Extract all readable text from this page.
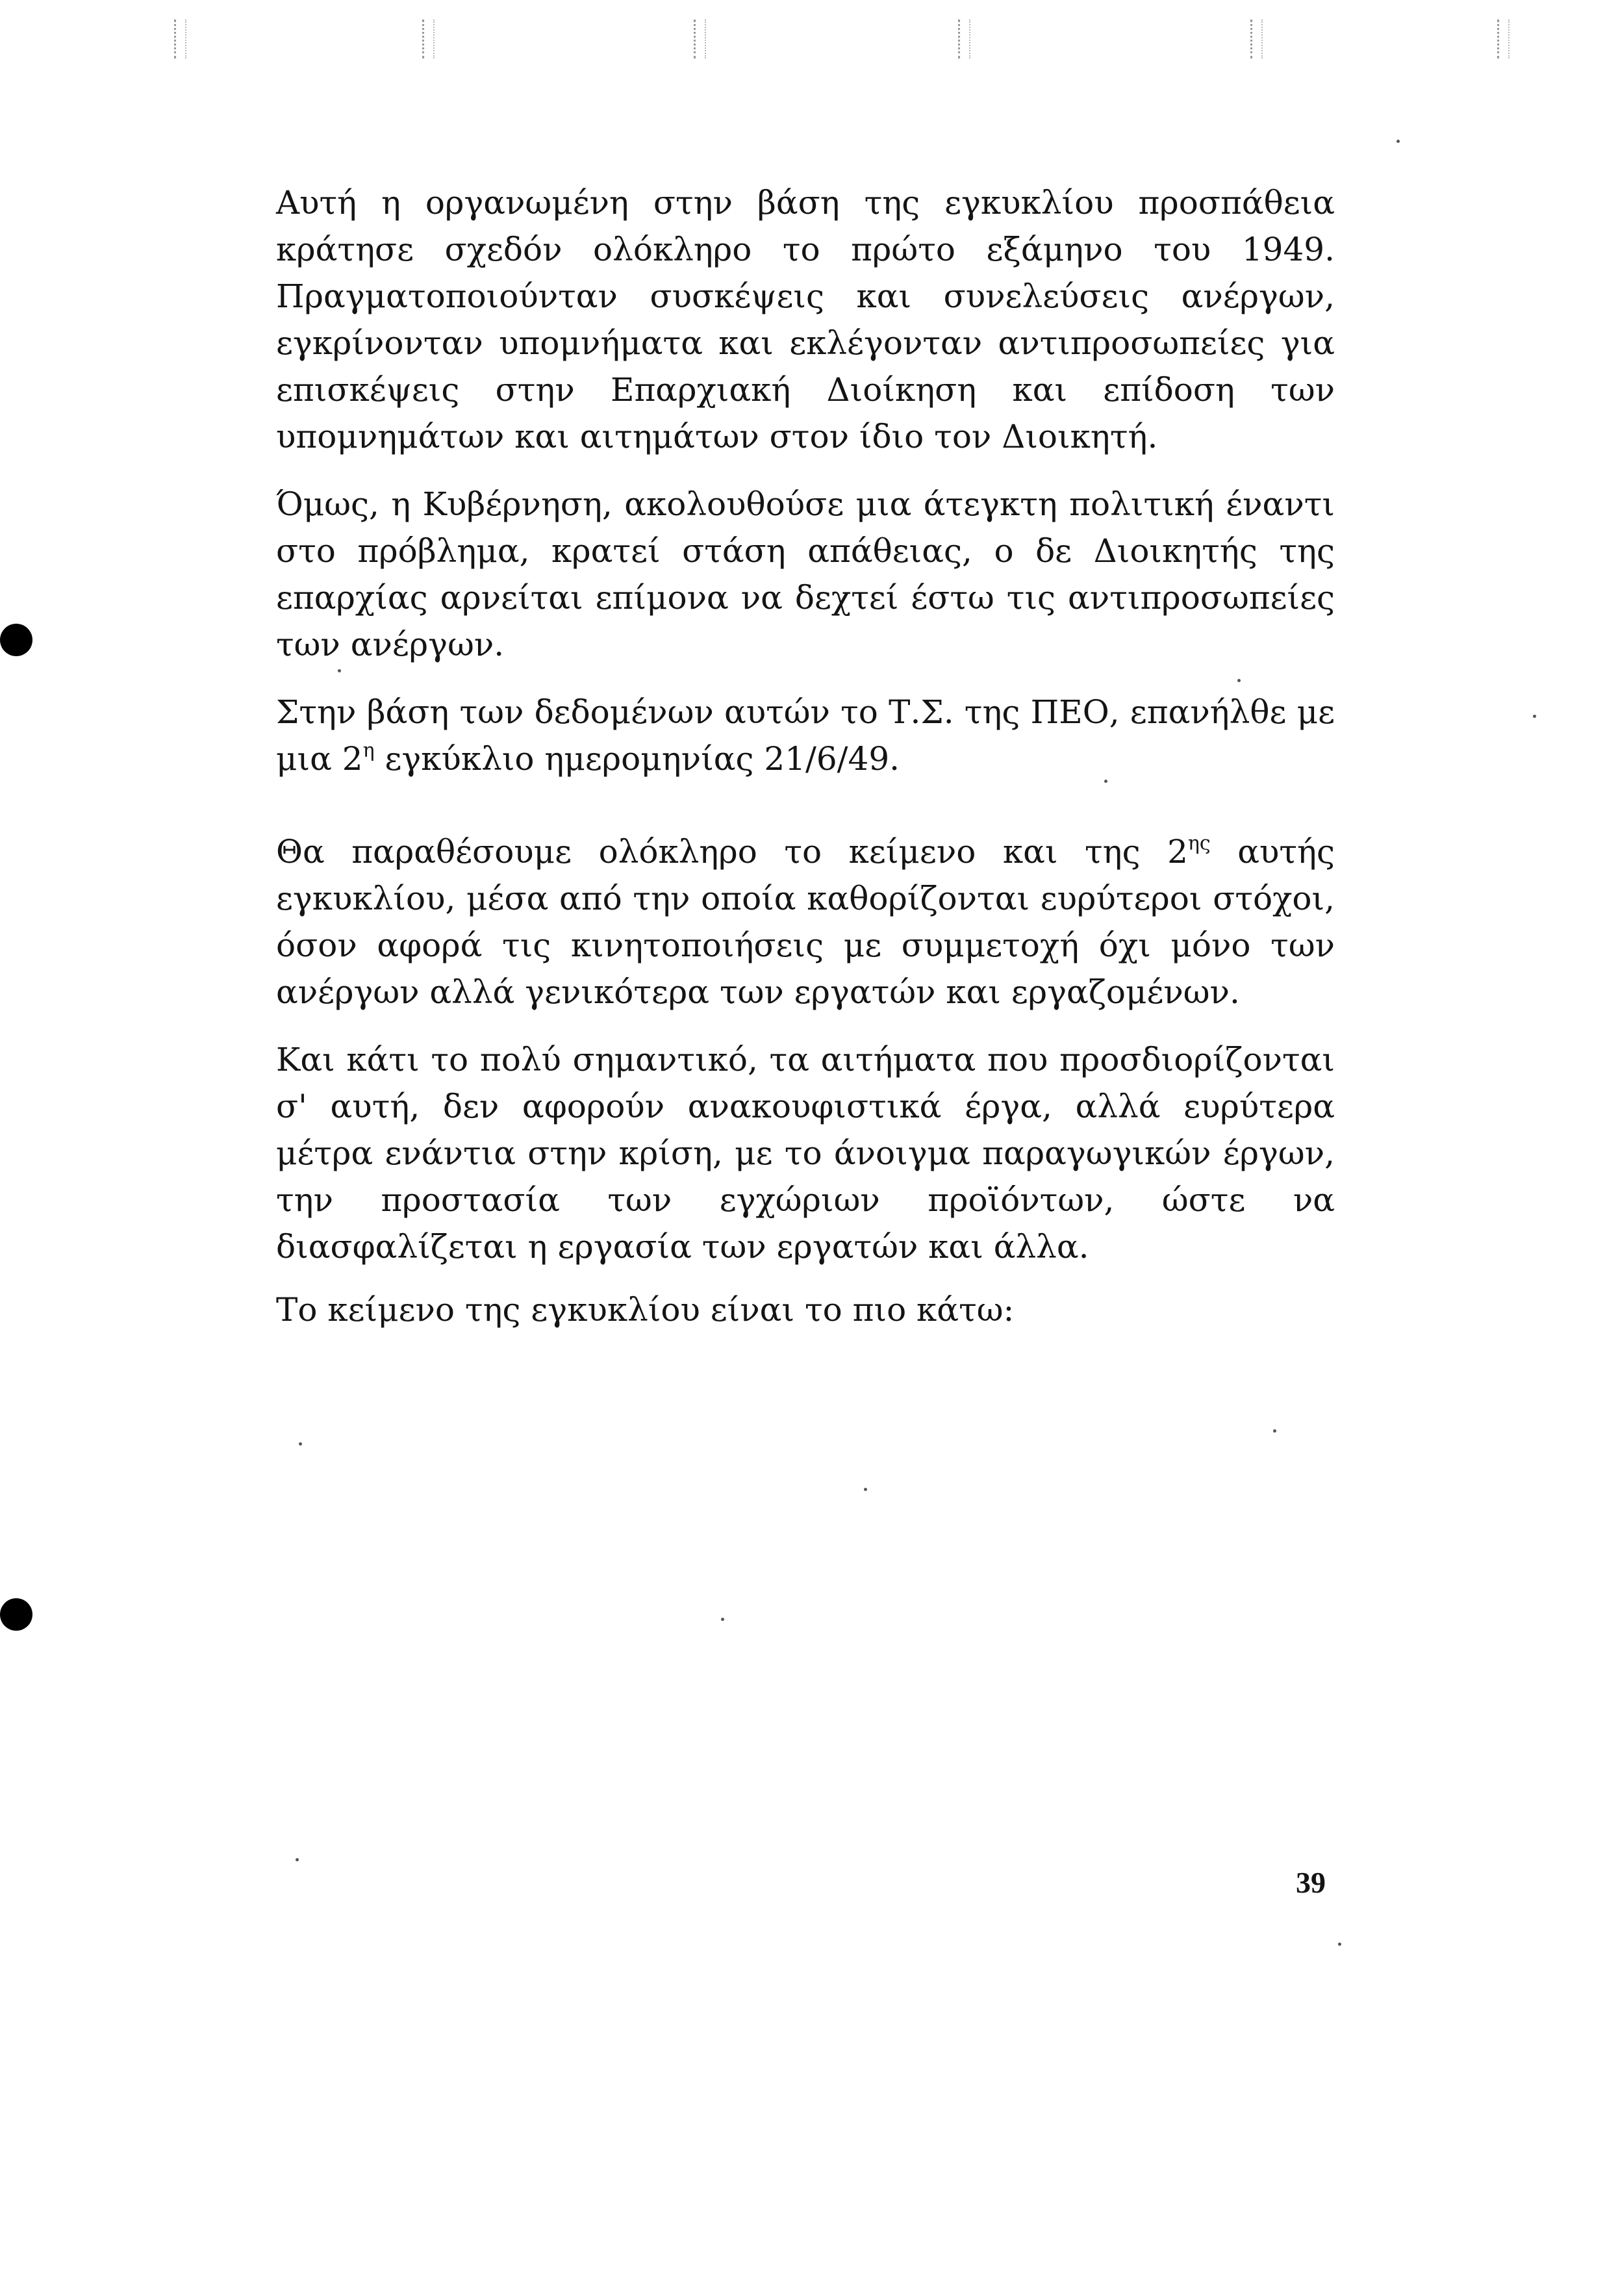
Αυτή η οργανωμένη στην βάση της εγκυκλίου προσπάθεια κράτησε σχεδόν ολόκληρο το πρώτο εξάμηνο του 1949. Πραγματοποιούνταν συσκέψεις και συνελεύσεις ανέργων, εγκρίνονταν υπομνήματα και εκλέγονταν αντιπροσωπείες για επισκέψεις στην Επαρχιακή Διοίκηση και επίδοση των υπομνημάτων και αιτημάτων στον ίδιο τον Διοικητή.

Όμως, η Κυβέρνηση, ακολουθούσε μια άτεγκτη πολιτική έναντι στο πρόβλημα, κρατεί στάση απάθειας, ο δε Διοικητής της επαρχίας αρνείται επίμονα να δεχτεί έστω τις αντιπροσωπείες των ανέργων.

Στην βάση των δεδομένων αυτών το Τ.Σ. της ΠΕΟ, επανήλθε με μια $2^\eta$ εγκύκλιο ημερομηνίας 21/6/49.

Θα παραθέσουμε ολόκληρο το κείμενο και της $2^{\eta\varsigma}$ αυτής εγκυκλίου, μέσα από την οποία καθορίζονται ευρύτεροι στόχοι, όσον αφορά τις κινητοποιήσεις με συμμετοχή όχι μόνο των ανέργων αλλά γενικότερα των εργατών και εργαζομένων.

Και κάτι το πολύ σημαντικό, τα αιτήματα που προσδιορίζονται σ' αυτή, δεν αφορούν ανακουφιστικά έργα, αλλά ευρύτερα μέτρα ενάντια στην κρίση, με το άνοιγμα παραγωγικών έργων, την προστασία των εγχώριων προϊόντων, ώστε να διασφαλίζεται η εργασία των εργατών και άλλα.

Το κείμενο της εγκυκλίου είναι το πιο κάτω:

39
